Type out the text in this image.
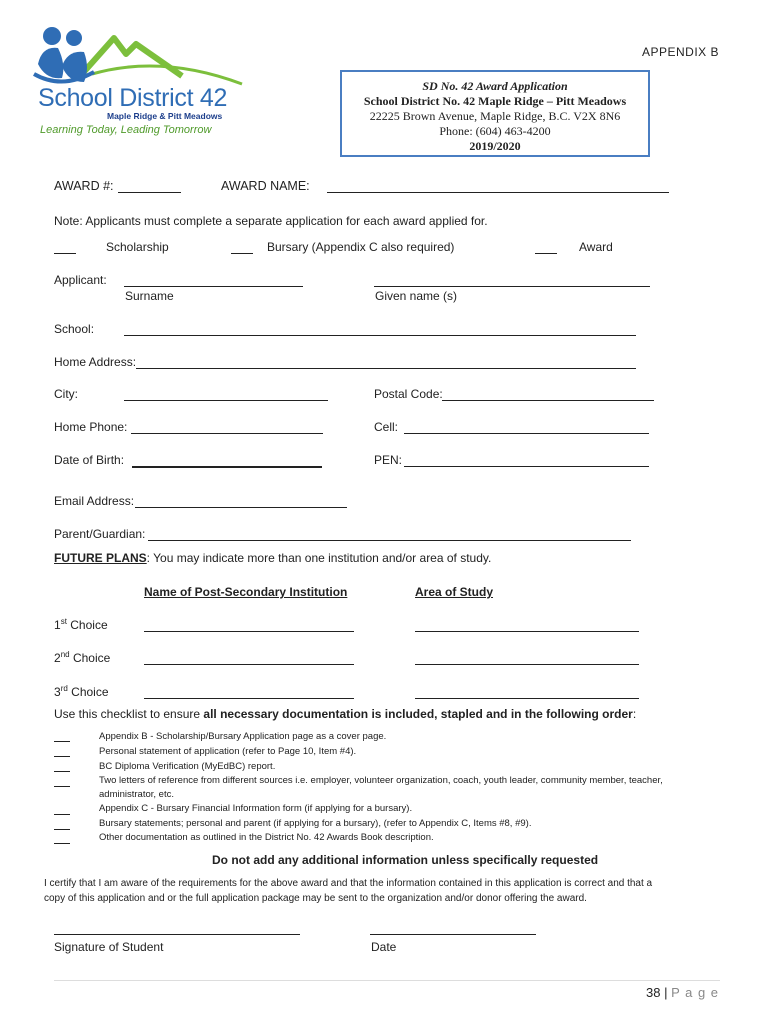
School District 42
Maple Ridge & Pitt Meadows
Learning Today, Leading Tomorrow
APPENDIX B
SD No. 42 Award Application
School District No. 42 Maple Ridge – Pitt Meadows
22225 Brown Avenue, Maple Ridge, B.C. V2X 8N6
Phone: (604) 463-4200
2019/2020
AWARD #:	AWARD NAME:
Note: Applicants must complete a separate application for each award applied for.
Scholarship	Bursary (Appendix C also required)	Award
Applicant:
Surname	Given name (s)
School:
Home Address:
City:	Postal Code:
Home Phone:	Cell:
Date of Birth:	PEN:
Email Address:
Parent/Guardian:
FUTURE PLANS: You may indicate more than one institution and/or area of study.
Name of Post-Secondary Institution	Area of Study
1st Choice
2nd Choice
3rd Choice
Use this checklist to ensure all necessary documentation is included, stapled and in the following order:
Appendix B - Scholarship/Bursary Application page as a cover page.
Personal statement of application (refer to Page 10, Item #4).
BC Diploma Verification (MyEdBC) report.
Two letters of reference from different sources i.e. employer, volunteer organization, coach, youth leader, community member, teacher,
administrator, etc.
Appendix C - Bursary Financial Information form (if applying for a bursary).
Bursary statements; personal and parent (if applying for a bursary), (refer to Appendix C, Items #8, #9).
Other documentation as outlined in the District No. 42 Awards Book description.
Do not add any additional information unless specifically requested
I certify that I am aware of the requirements for the above award and that the information contained in this application is correct and that a
copy of this application and or the full application package may be sent to the organization and/or donor offering the award.
Signature of Student	Date
38 | P a g e
